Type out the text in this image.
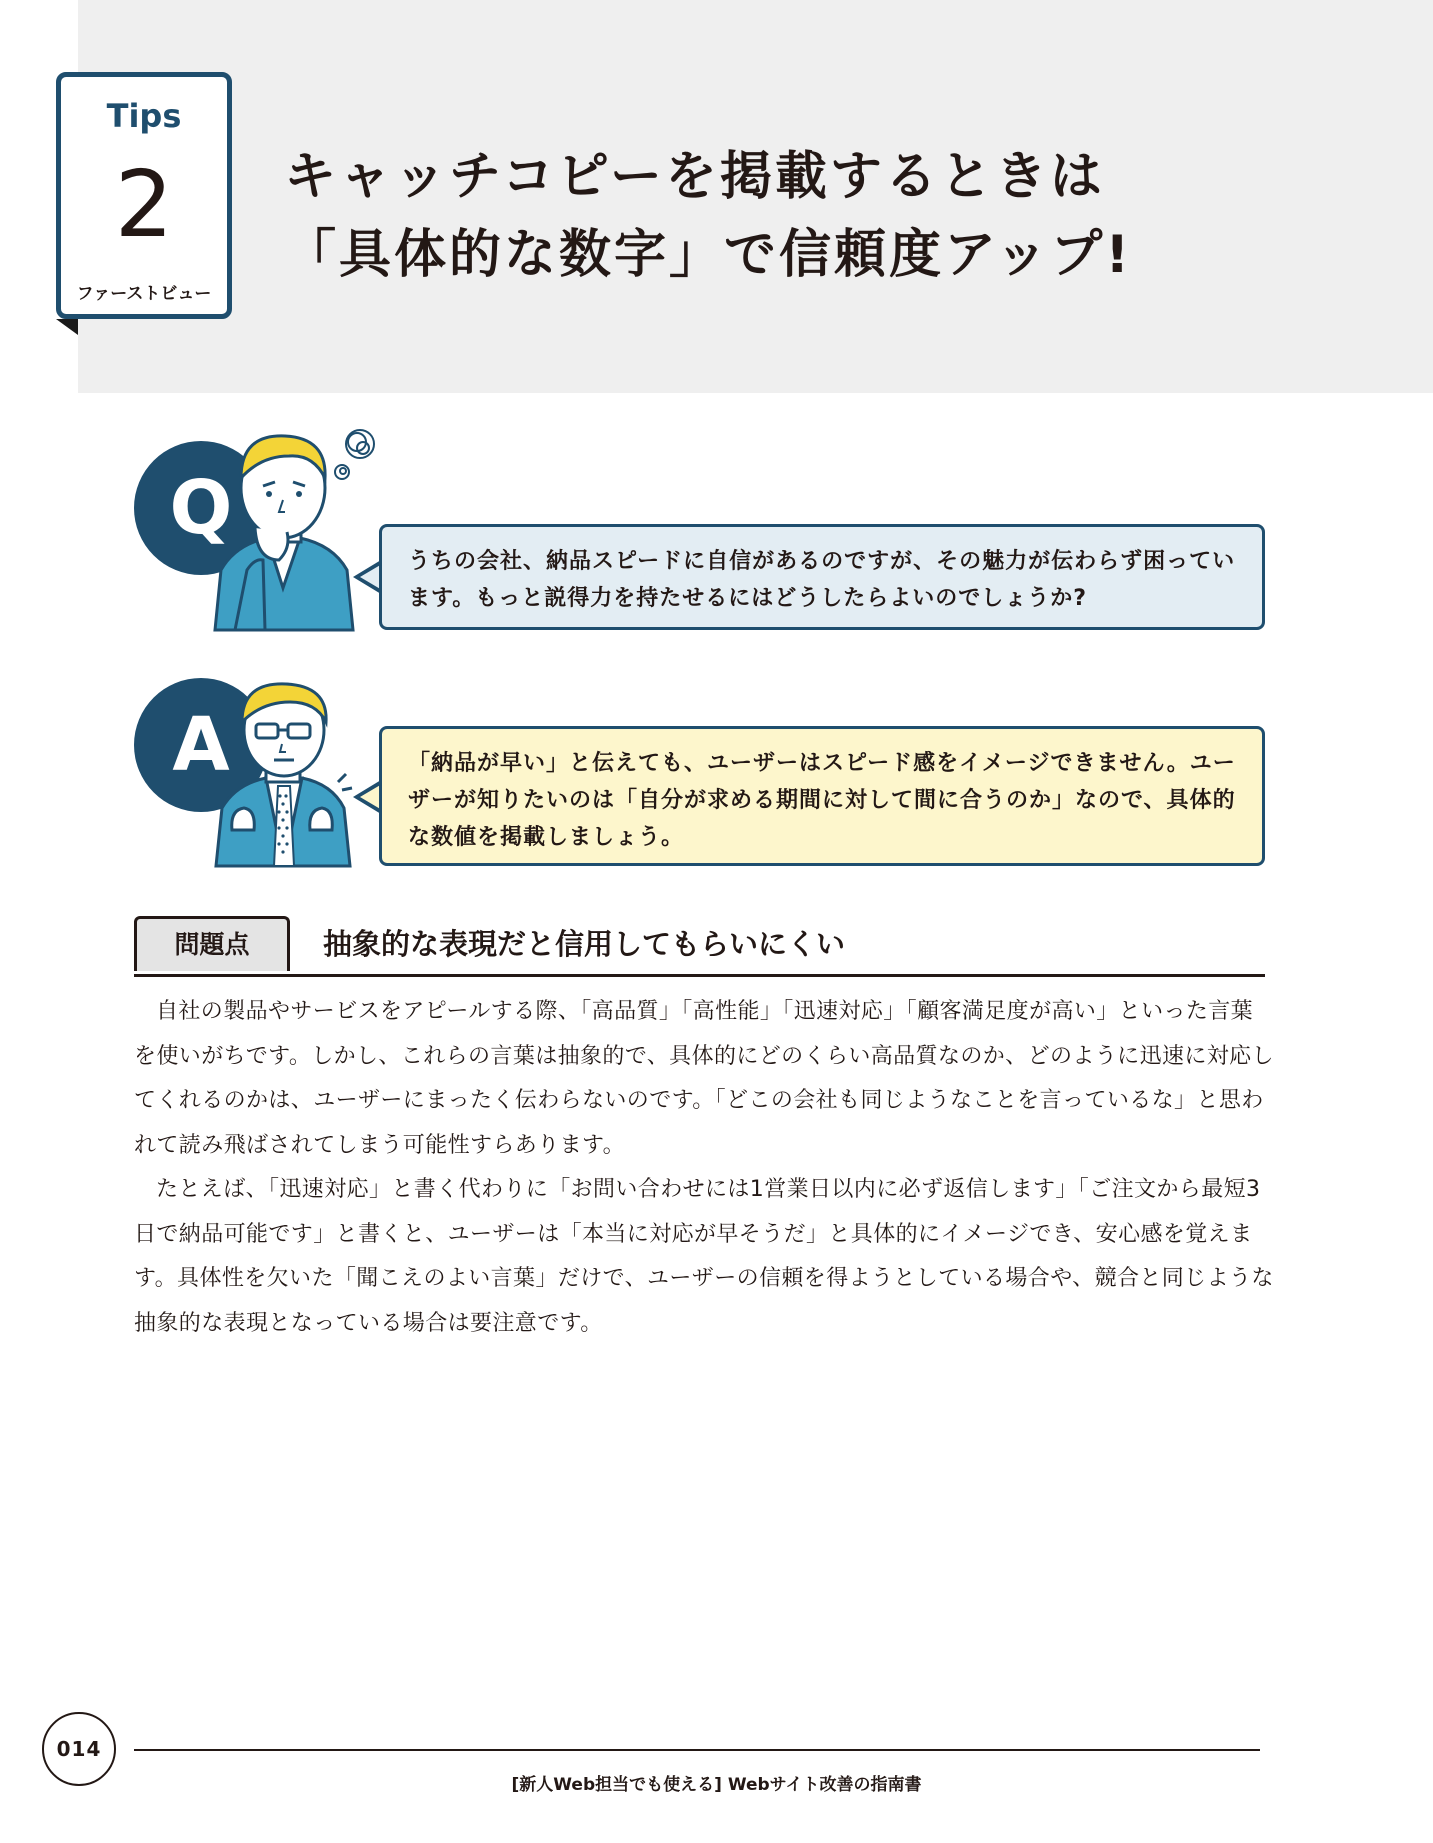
Tips
2
ファーストビュー
キャッチコピーを掲載するときは
「具体的な数字」で信頼度アップ!
Q
うちの会社、納品スピードに自信があるのですが、その魅力が伝わらず困ってい
ます。もっと説得力を持たせるにはどうしたらよいのでしょうか?
A	「納品が早い」と伝えても、ユーザーはスピード感をイメージできません。ユー
ザーが知りたいのは「自分が求める期間に対して間に合うのか」なので、具体的
な数値を掲載しましょう。
問題点	抽象的な表現だと信用してもらいにくい

自社の製品やサービスをアピールする際、「高品質」「高性能」「迅速対応」「顧客満足度が高い」といった言葉を使いがちです。しかし、これらの言葉は抽象的で、具体的にどのくらい高品質なのか、どのように迅速に対応してくれるのかは、ユーザーにまったく伝わらないのです。「どこの会社も同じようなことを言っているな」と思われて読み飛ばされてしまう可能性すらあります。

たとえば、「迅速対応」と書く代わりに「お問い合わせには1営業日以内に必ず返信します」「ご注文から最短3日で納品可能です」と書くと、ユーザーは「本当に対応が早そうだ」と具体的にイメージでき、安心感を覚えます。具体性を欠いた「聞こえのよい言葉」だけで、ユーザーの信頼を得ようとしている場合や、競合と同じような抽象的な表現となっている場合は要注意です。

014
[新人Web担当でも使える] Webサイト改善の指南書
